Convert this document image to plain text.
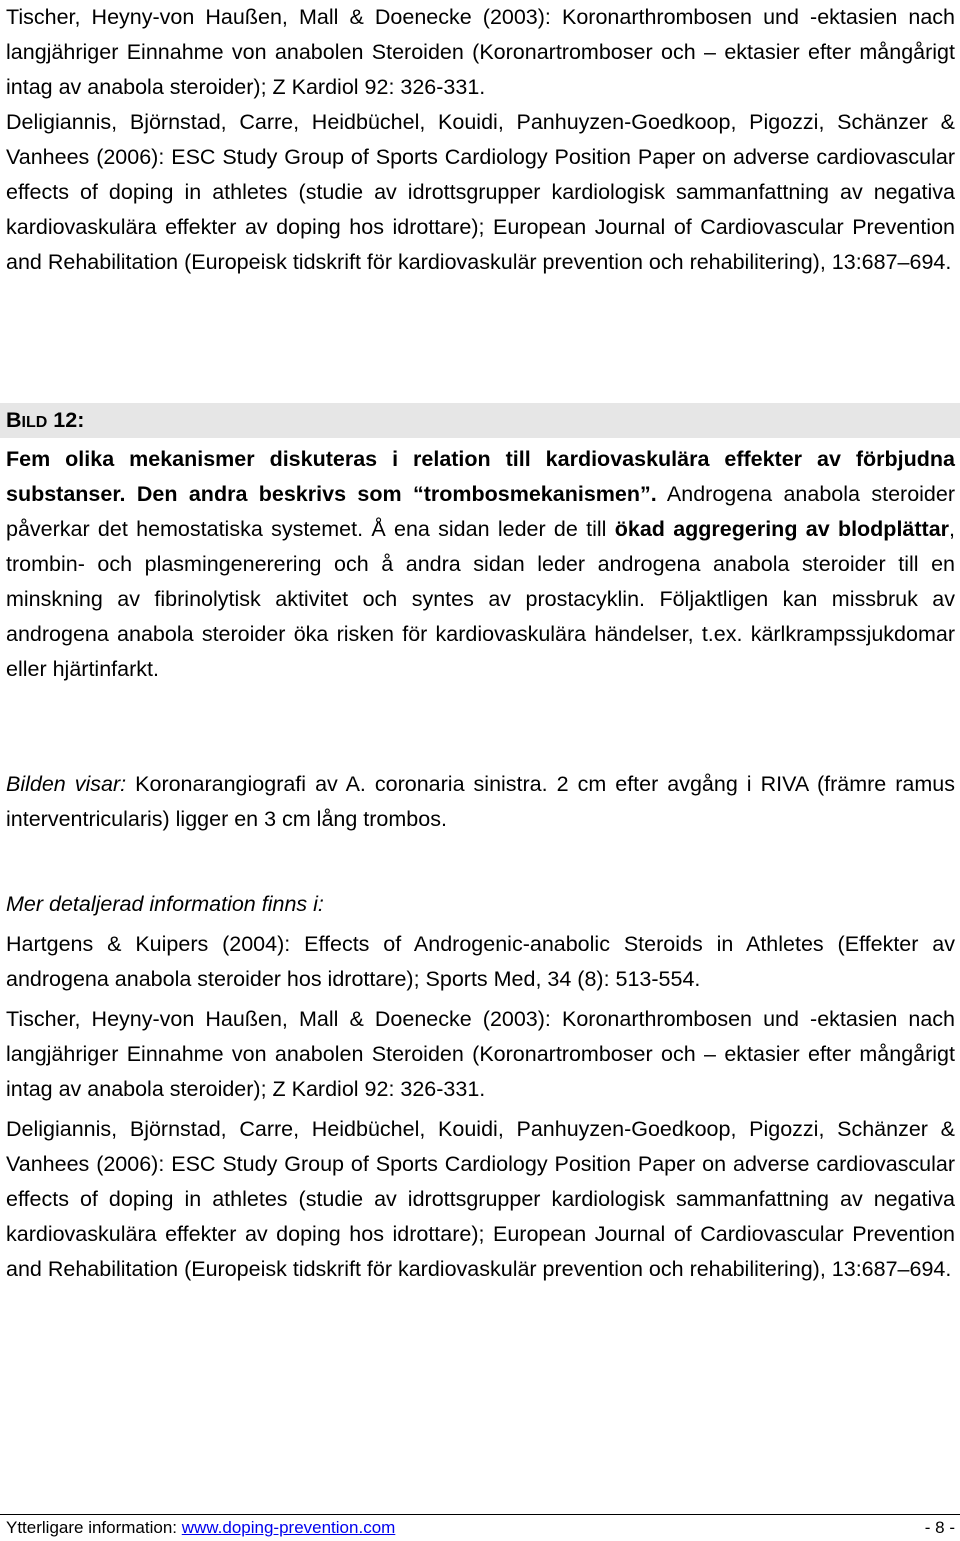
Tischer, Heyny-von Haußen, Mall & Doenecke (2003): Koronarthrombosen und -ektasien nach langjähriger Einnahme von anabolen Steroiden (Koronartromboser och – ektasier efter mångårigt intag av anabola steroider); Z Kardiol 92: 326-331.

Deligiannis, Björnstad, Carre, Heidbüchel, Kouidi, Panhuyzen-Goedkoop, Pigozzi, Schänzer & Vanhees (2006): ESC Study Group of Sports Cardiology Position Paper on adverse cardiovascular effects of doping in athletes (studie av idrottsgrupper kardiologisk sammanfattning av negativa kardiovaskulära effekter av doping hos idrottare); European Journal of Cardiovascular Prevention and Rehabilitation (Europeisk tidskrift för kardiovaskulär prevention och rehabilitering), 13:687–694.

BILD 12:

Fem olika mekanismer diskuteras i relation till kardiovaskulära effekter av förbjudna substanser. Den andra beskrivs som “trombosmekanismen”. Androgena anabola steroider påverkar det hemostatiska systemet. Å ena sidan leder de till ökad aggregering av blodplättar, trombin- och plasmingenerering och å andra sidan leder androgena anabola steroider till en minskning av fibrinolytisk aktivitet och syntes av prostacyklin. Följaktligen kan missbruk av androgena anabola steroider öka risken för kardiovaskulära händelser, t.ex. kärlkrampssjukdomar eller hjärtinfarkt.

Bilden visar: Koronarangiografi av A. coronaria sinistra. 2 cm efter avgång i RIVA (främre ramus interventricularis) ligger en 3 cm lång trombos.

Mer detaljerad information finns i:

Hartgens & Kuipers (2004): Effects of Androgenic-anabolic Steroids in Athletes (Effekter av androgena anabola steroider hos idrottare); Sports Med, 34 (8): 513-554.

Tischer, Heyny-von Haußen, Mall & Doenecke (2003): Koronarthrombosen und -ektasien nach langjähriger Einnahme von anabolen Steroiden (Koronartromboser och – ektasier efter mångårigt intag av anabola steroider); Z Kardiol 92: 326-331.

Deligiannis, Björnstad, Carre, Heidbüchel, Kouidi, Panhuyzen-Goedkoop, Pigozzi, Schänzer & Vanhees (2006): ESC Study Group of Sports Cardiology Position Paper on adverse cardiovascular effects of doping in athletes (studie av idrottsgrupper kardiologisk sammanfattning av negativa kardiovaskulära effekter av doping hos idrottare); European Journal of Cardiovascular Prevention and Rehabilitation (Europeisk tidskrift för kardiovaskulär prevention och rehabilitering), 13:687–694.

Ytterligare information: www.doping-prevention.com	- 8 -
